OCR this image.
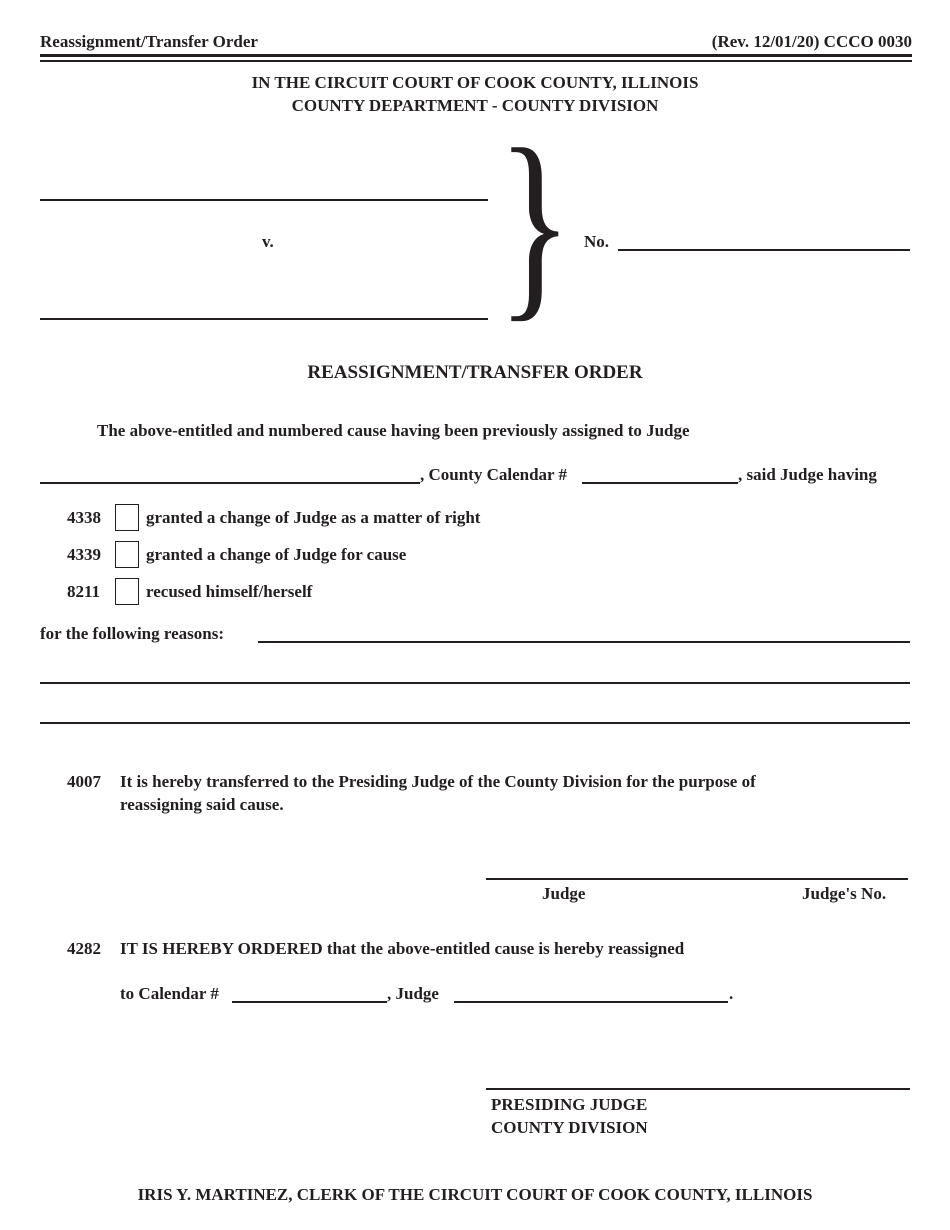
Reassignment/Transfer Order	(Rev. 12/01/20) CCCO 0030
IN THE CIRCUIT COURT OF COOK COUNTY, ILLINOIS
COUNTY DEPARTMENT - COUNTY DIVISION
v. } No.
REASSIGNMENT/TRANSFER ORDER
The above-entitled and numbered cause having been previously assigned to Judge
, County Calendar #	, said Judge having
4338	granted a change of Judge as a matter of right
4339	granted a change of Judge for cause
8211	recused himself/herself
for the following reasons:
4007 It is hereby transferred to the Presiding Judge of the County Division for the purpose of
reassigning said cause.
Judge	Judge's No.
4282 IT IS HEREBY ORDERED that the above-entitled cause is hereby reassigned
to Calendar #	, Judge	.
PRESIDING JUDGE
COUNTY DIVISION
IRIS Y. MARTINEZ, CLERK OF THE CIRCUIT COURT OF COOK COUNTY, ILLINOIS
